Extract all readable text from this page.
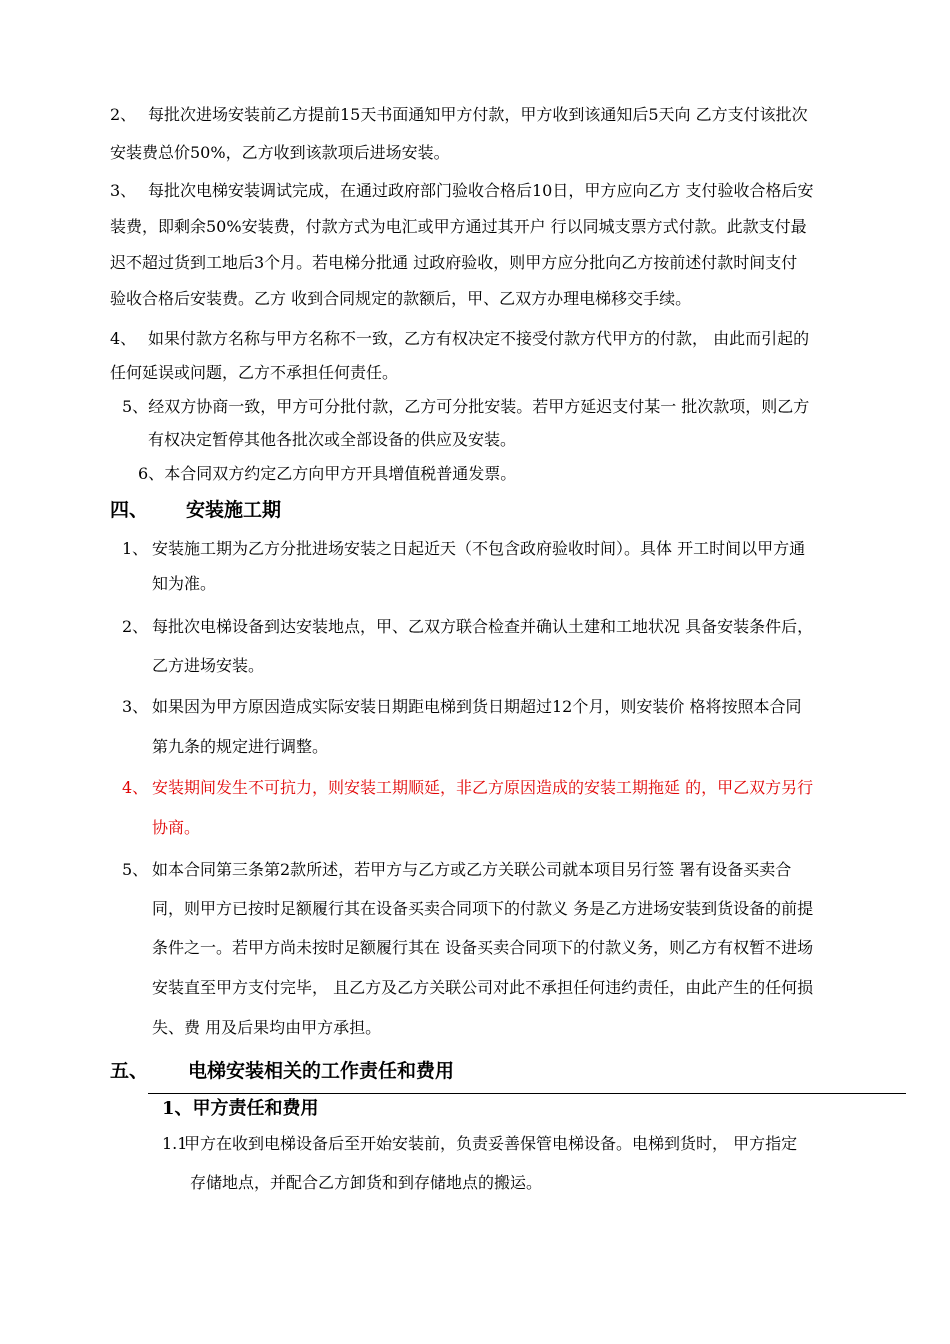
2、 每批次进场安装前乙方提前15天书面通知甲方付款，甲方收到该通知后5天向 乙方支付该批次
安装费总价50%，乙方收到该款项后进场安装。
3、 每批次电梯安装调试完成，在通过政府部门验收合格后10日，甲方应向乙方 支付验收合格后安
装费，即剩余50%安装费，付款方式为电汇或甲方通过其开户 行以同城支票方式付款。此款支付最
迟不超过货到工地后3个月。若电梯分批通 过政府验收，则甲方应分批向乙方按前述付款时间支付
验收合格后安装费。乙方 收到合同规定的款额后，甲、乙双方办理电梯移交手续。
4、 如果付款方名称与甲方名称不一致，乙方有权决定不接受付款方代甲方的付款， 由此而引起的
任何延误或问题，乙方不承担任何责任。
5、经双方协商一致，甲方可分批付款，乙方可分批安装。若甲方延迟支付某一 批次款项，则乙方
有权决定暂停其他各批次或全部设备的供应及安装。
6、本合同双方约定乙方向甲方开具增值税普通发票。
四、 安装施工期
1、 安装施工期为乙方分批进场安装之日起近天（不包含政府验收时间）。具体 开工时间以甲方通
知为准。
2、 每批次电梯设备到达安装地点，甲、乙双方联合检查并确认土建和工地状况 具备安装条件后，
乙方进场安装。
3、 如果因为甲方原因造成实际安装日期距电梯到货日期超过12个月，则安装价 格将按照本合同
第九条的规定进行调整。
4、 安装期间发生不可抗力，则安装工期顺延，非乙方原因造成的安装工期拖延 的，甲乙双方另行
协商。
5、 如本合同第三条第2款所述，若甲方与乙方或乙方关联公司就本项目另行签 署有设备买卖合
同，则甲方已按时足额履行其在设备买卖合同项下的付款义 务是乙方进场安装到货设备的前提
条件之一。若甲方尚未按时足额履行其在 设备买卖合同项下的付款义务，则乙方有权暂不进场
安装直至甲方支付完毕， 且乙方及乙方关联公司对此不承担任何违约责任，由此产生的任何损
失、费 用及后果均由甲方承担。
五、 电梯安装相关的工作责任和费用
1、甲方责任和费用
1.1甲方在收到电梯设备后至开始安装前，负责妥善保管电梯设备。电梯到货时， 甲方指定
存储地点，并配合乙方卸货和到存储地点的搬运。
